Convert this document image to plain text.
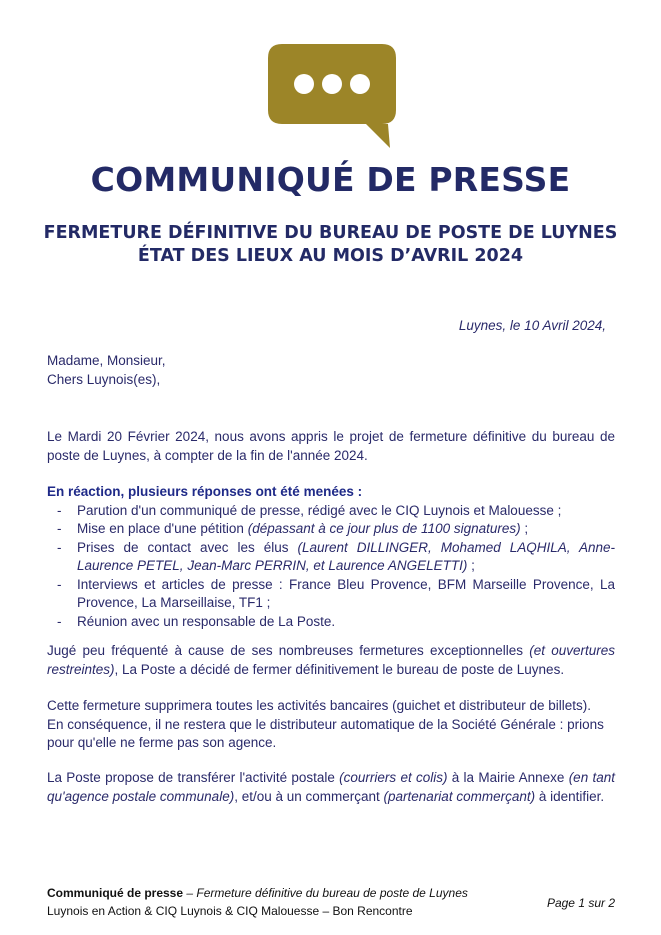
COMMUNIQUÉ DE PRESSE
FERMETURE DÉFINITIVE DU BUREAU DE POSTE DE LUYNES
ÉTAT DES LIEUX AU MOIS D’AVRIL 2024
Luynes, le 10 Avril 2024,
Madame, Monsieur,
Chers Luynois(es),
Le Mardi 20 Février 2024, nous avons appris le projet de fermeture définitive du bureau de poste de Luynes, à compter de la fin de l'année 2024.
En réaction, plusieurs réponses ont été menées :
- Parution d'un communiqué de presse, rédigé avec le CIQ Luynois et Malouesse ;
- Mise en place d'une pétition (dépassant à ce jour plus de 1100 signatures) ;
- Prises de contact avec les élus (Laurent DILLINGER, Mohamed LAQHILA, Anne-Laurence PETEL, Jean-Marc PERRIN, et Laurence ANGELETTI) ;
- Interviews et articles de presse : France Bleu Provence, BFM Marseille Provence, La Provence, La Marseillaise, TF1 ;
- Réunion avec un responsable de La Poste.
Jugé peu fréquenté à cause de ses nombreuses fermetures exceptionnelles (et ouvertures restreintes), La Poste a décidé de fermer définitivement le bureau de poste de Luynes.
Cette fermeture supprimera toutes les activités bancaires (guichet et distributeur de billets).
En conséquence, il ne restera que le distributeur automatique de la Société Générale : prions pour qu'elle ne ferme pas son agence.
La Poste propose de transférer l'activité postale (courriers et colis) à la Mairie Annexe (en tant qu'agence postale communale), et/ou à un commerçant (partenariat commerçant) à identifier.
Communiqué de presse – Fermeture définitive du bureau de poste de Luynes
Luynois en Action & CIQ Luynois & CIQ Malouesse – Bon Rencontre
Page 1 sur 2
